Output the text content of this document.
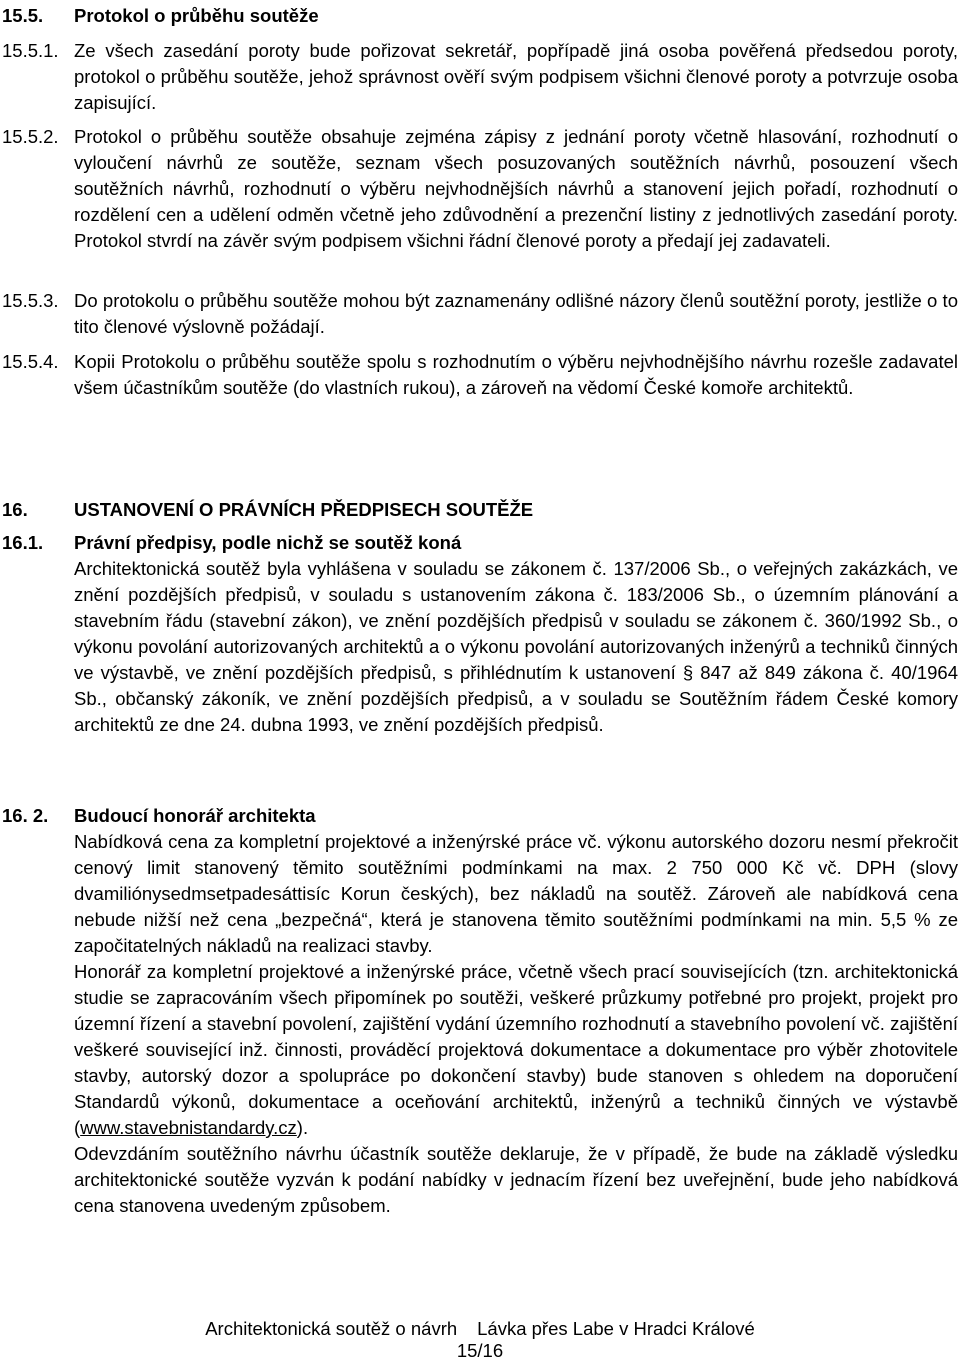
15.5. Protokol o průběhu soutěže
15.5.1. Ze všech zasedání poroty bude pořizovat sekretář, popřípadě jiná osoba pověřená předsedou poroty, protokol o průběhu soutěže, jehož správnost ověří svým podpisem všichni členové poroty a potvrzuje osoba zapisující.
15.5.2. Protokol o průběhu soutěže obsahuje zejména zápisy z jednání poroty včetně hlasování, rozhodnutí o vyloučení návrhů ze soutěže, seznam všech posuzovaných soutěžních návrhů, posouzení všech soutěžních návrhů, rozhodnutí o výběru nejvhodnějších návrhů a stanovení jejich pořadí, rozhodnutí o rozdělení cen a udělení odměn včetně jeho zdůvodnění a prezenční listiny z jednotlivých zasedání poroty. Protokol stvrdí na závěr svým podpisem všichni řádní členové poroty a předají jej zadavateli.
15.5.3. Do protokolu o průběhu soutěže mohou být zaznamenány odlišné názory členů soutěžní poroty, jestliže o to tito členové výslovně požádají.
15.5.4. Kopii Protokolu o průběhu soutěže spolu s rozhodnutím o výběru nejvhodnějšího návrhu rozešle zadavatel všem účastníkům soutěže (do vlastních rukou), a zároveň na vědomí České komoře architektů.
16.	USTANOVENÍ O PRÁVNÍCH PŘEDPISECH SOUTĚŽE
16.1. Právní předpisy, podle nichž se soutěž koná
Architektonická soutěž byla vyhlášena v souladu se zákonem č. 137/2006 Sb., o veřejných zakázkách, ve znění pozdějších předpisů, v souladu s ustanovením zákona č. 183/2006 Sb., o územním plánování a stavebním řádu (stavební zákon), ve znění pozdějších předpisů v souladu se zákonem č. 360/1992 Sb., o výkonu povolání autorizovaných architektů a o výkonu povolání autorizovaných inženýrů a techniků činných ve výstavbě, ve znění pozdějších předpisů, s přihlédnutím k ustanovení § 847 až 849 zákona č. 40/1964 Sb., občanský zákoník, ve znění pozdějších předpisů, a v souladu se Soutěžním řádem České komory architektů ze dne 24. dubna 1993, ve znění pozdějších předpisů.
16. 2. Budoucí honorář architekta

Nabídková cena za kompletní projektové a inženýrské práce vč. výkonu autorského dozoru nesmí překročit cenový limit stanovený těmito soutěžními podmínkami na max. 2 750 000 Kč vč. DPH (slovy dvamiliónysedmsetpadesáttisíc Korun českých), bez nákladů na soutěž. Zároveň ale nabídková cena nebude nižší než cena „bezpečná“, která je stanovena těmito soutěžními podmínkami na min. 5,5 % ze započitatelných nákladů na realizaci stavby.

Honorář za kompletní projektové a inženýrské práce, včetně všech prací souvisejících (tzn. architektonická studie se zapracováním všech připomínek po soutěži, veškeré průzkumy potřebné pro projekt, projekt pro územní řízení a stavební povolení, zajištění vydání územního rozhodnutí a stavebního povolení vč. zajištění veškeré související inž. činnosti, prováděcí projektová dokumentace a dokumentace pro výběr zhotovitele stavby, autorský dozor a spolupráce po dokončení stavby) bude stanoven s ohledem na doporučení Standardů výkonů, dokumentace a oceňování architektů, inženýrů a techniků činných ve výstavbě (www.stavebnistandardy.cz).

Odevzdáním soutěžního návrhu účastník soutěže deklaruje, že v případě, že bude na základě výsledku architektonické soutěže vyzván k podání nabídky v jednacím řízení bez uveřejnění, bude jeho nabídková cena stanovena uvedeným způsobem.

Architektonická soutěž o návrh Lávka přes Labe v Hradci Králové
15/16
